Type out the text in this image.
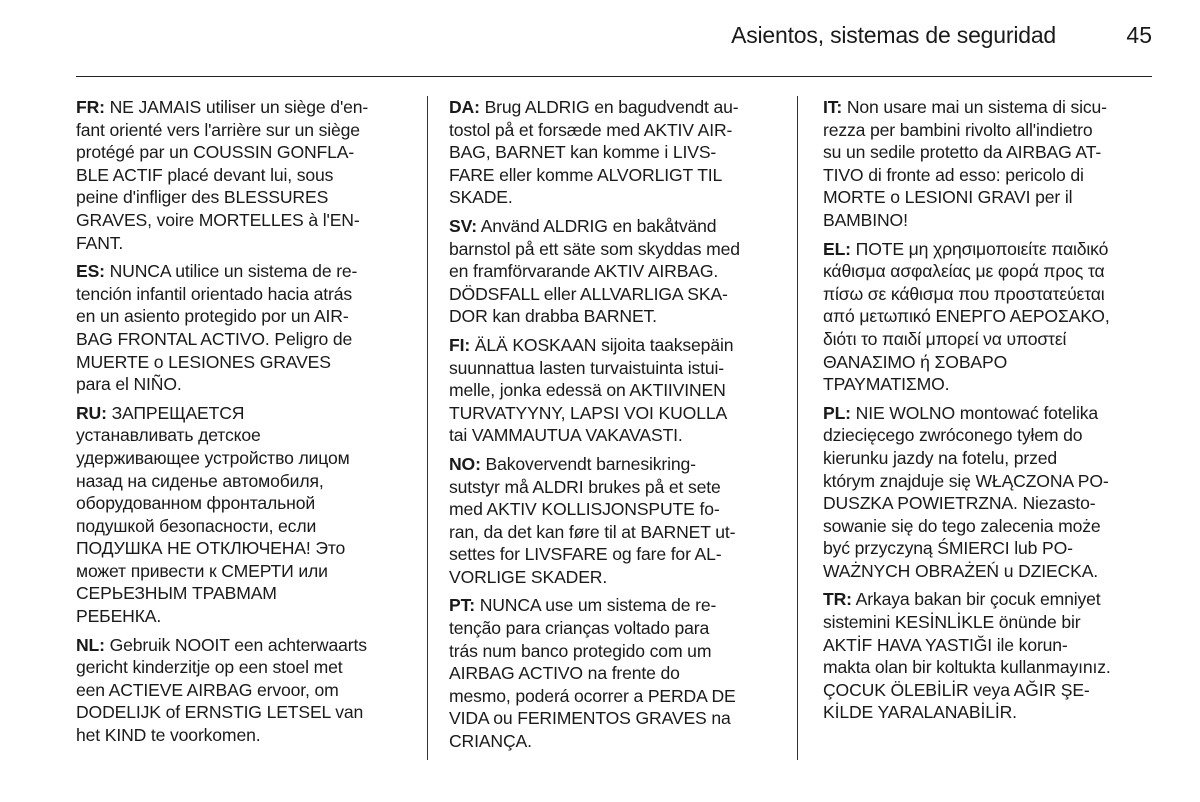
Asientos, sistemas de seguridad	45
FR: NE JAMAIS utiliser un siège d'en-
fant orienté vers l'arrière sur un siège
protégé par un COUSSIN GONFLA-
BLE ACTIF placé devant lui, sous
peine d'infliger des BLESSURES
GRAVES, voire MORTELLES à l'EN-
FANT.
ES: NUNCA utilice un sistema de re-
tención infantil orientado hacia atrás
en un asiento protegido por un AIR-
BAG FRONTAL ACTIVO. Peligro de
MUERTE o LESIONES GRAVES
para el NIÑO.
RU: ЗАПРЕЩАЕТСЯ
устанавливать детское
удерживающее устройство лицом
назад на сиденье автомобиля,
оборудованном фронтальной
подушкой безопасности, если
ПОДУШКА НЕ ОТКЛЮЧЕНА! Это
может привести к СМЕРТИ или
СЕРЬЕЗНЫМ ТРАВМАМ
РЕБЕНКА.
NL: Gebruik NOOIT een achterwaarts
gericht kinderzitje op een stoel met
een ACTIEVE AIRBAG ervoor, om
DODELIJK of ERNSTIG LETSEL van
het KIND te voorkomen.
DA: Brug ALDRIG en bagudvendt au-
tostol på et forsæde med AKTIV AIR-
BAG, BARNET kan komme i LIVS-
FARE eller komme ALVORLIGT TIL
SKADE.
SV: Använd ALDRIG en bakåtvänd
barnstol på ett säte som skyddas med
en framförvarande AKTIV AIRBAG.
DÖDSFALL eller ALLVARLIGA SKA-
DOR kan drabba BARNET.
FI: ÄLÄ KOSKAAN sijoita taaksepäin
suunnattua lasten turvaistuinta istui-
melle, jonka edessä on AKTIIVINEN
TURVATYYNY, LAPSI VOI KUOLLA
tai VAMMAUTUA VAKAVASTI.
NO: Bakovervendt barnesikring-
sutstyr må ALDRI brukes på et sete
med AKTIV KOLLISJONSPUTE fo-
ran, da det kan føre til at BARNET ut-
settes for LIVSFARE og fare for AL-
VORLIGE SKADER.
PT: NUNCA use um sistema de re-
tenção para crianças voltado para
trás num banco protegido com um
AIRBAG ACTIVO na frente do
mesmo, poderá ocorrer a PERDA DE
VIDA ou FERIMENTOS GRAVES na
CRIANÇA.
IT: Non usare mai un sistema di sicu-
rezza per bambini rivolto all'indietro
su un sedile protetto da AIRBAG AT-
TIVO di fronte ad esso: pericolo di
MORTE o LESIONI GRAVI per il
BAMBINO!
EL: ΠΟΤΕ μη χρησιμοποιείτε παιδικό
κάθισμα ασφαλείας με φορά προς τα
πίσω σε κάθισμα που προστατεύεται
από μετωπικό ΕΝΕΡΓΟ ΑΕΡΟΣΑΚΟ,
διότι το παιδί μπορεί να υποστεί
ΘΑΝΑΣΙΜΟ ή ΣΟΒΑΡΟ
ΤΡΑΥΜΑΤΙΣΜΟ.
PL: NIE WOLNO montować fotelika
dziecięcego zwróconego tyłem do
kierunku jazdy na fotelu, przed
którym znajduje się WŁĄCZONA PO-
DUSZKA POWIETRZNA. Niezasto-
sowanie się do tego zalecenia może
być przyczyną ŚMIERCI lub PO-
WAŻNYCH OBRAŻEŃ u DZIECKA.
TR: Arkaya bakan bir çocuk emniyet
sistemini KESİNLİKLE önünde bir
AKTİF HAVA YASTIĞI ile korun-
makta olan bir koltukta kullanmayınız.
ÇOCUK ÖLEBİLİR veya AĞIR ŞE-
KİLDE YARALANABİLİR.
